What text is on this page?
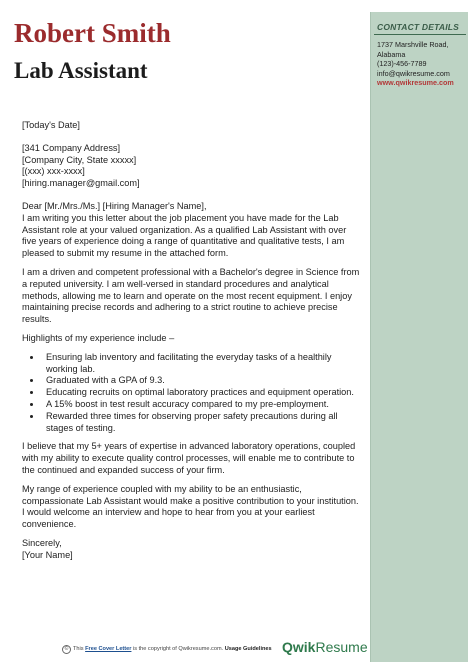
CONTACT DETAILS
1737 Marshville Road,
Alabama
(123)-456-7789
info@qwikresume.com
www.qwikresume.com
Robert Smith
Lab Assistant

[Today's Date]

[341 Company Address]

[Company City, State xxxxx]

[(xxx) xxx-xxxx]

[hiring.manager@gmail.com]

Dear [Mr./Mrs./Ms.] [Hiring Manager's Name],

I am writing you this letter about the job placement you have made for the Lab Assistant role at your valued organization. As a qualified Lab Assistant with over five years of experience doing a range of quantitative and qualitative tests, I am pleased to submit my resume in the attached form.

I am a driven and competent professional with a Bachelor's degree in Science from a reputed university. I am well-versed in standard procedures and analytical methods, allowing me to learn and operate on the most recent equipment. I enjoy maintaining precise records and adhering to a strict routine to achieve precise results.

Highlights of my experience include –

• Ensuring lab inventory and facilitating the everyday tasks of a healthily working lab.
• Graduated with a GPA of 9.3.
• Educating recruits on optimal laboratory practices and equipment operation.
• A 15% boost in test result accuracy compared to my pre-employment.
• Rewarded three times for observing proper safety precautions during all stages of testing.

I believe that my 5+ years of expertise in advanced laboratory operations, coupled with my ability to execute quality control processes, will enable me to contribute to the continued and expanded success of your firm.

My range of experience coupled with my ability to be an enthusiastic, compassionate Lab Assistant would make a positive contribution to your institution. I would welcome an interview and hope to hear from you at your earliest convenience.

Sincerely,

[Your Name]

© This Free Cover Letter is the copyright of Qwikresume.com. Usage Guidelines QwikResume
